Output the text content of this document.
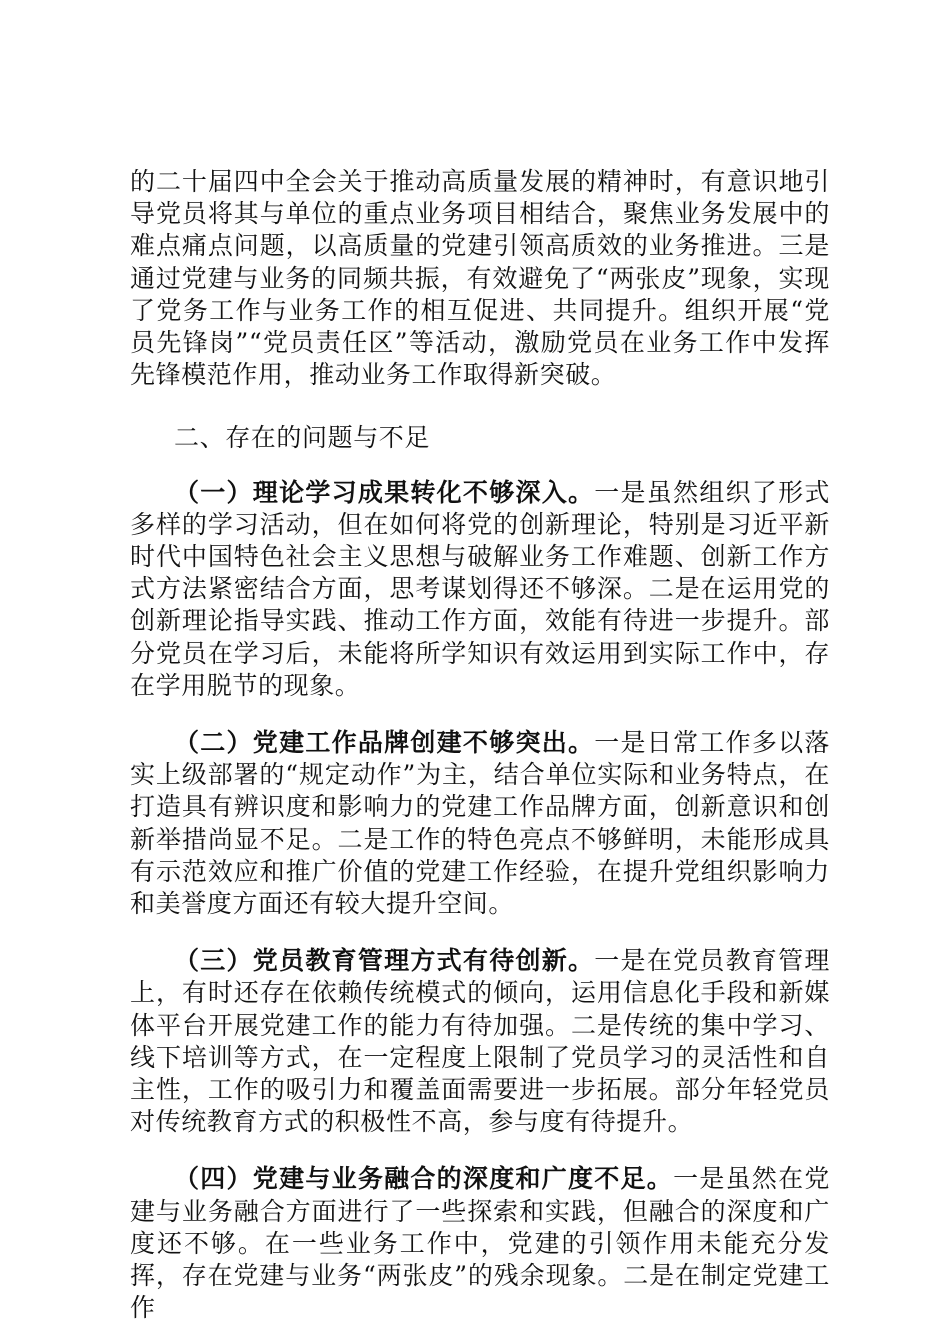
的二十届四中全会关于推动高质量发展的精神时，有意识地引导党员将其与单位的重点业务项目相结合，聚焦业务发展中的难点痛点问题，以高质量的党建引领高质效的业务推进。三是通过党建与业务的同频共振，有效避免了“两张皮”现象，实现了党务工作与业务工作的相互促进、共同提升。组织开展“党员先锋岗”“党员责任区”等活动，激励党员在业务工作中发挥先锋模范作用，推动业务工作取得新突破。

二、存在的问题与不足

（一）理论学习成果转化不够深入。一是虽然组织了形式多样的学习活动，但在如何将党的创新理论，特别是习近平新时代中国特色社会主义思想与破解业务工作难题、创新工作方式方法紧密结合方面，思考谋划得还不够深。二是在运用党的创新理论指导实践、推动工作方面，效能有待进一步提升。部分党员在学习后，未能将所学知识有效运用到实际工作中，存在学用脱节的现象。

（二）党建工作品牌创建不够突出。一是日常工作多以落实上级部署的“规定动作”为主，结合单位实际和业务特点，在打造具有辨识度和影响力的党建工作品牌方面，创新意识和创新举措尚显不足。二是工作的特色亮点不够鲜明，未能形成具有示范效应和推广价值的党建工作经验，在提升党组织影响力和美誉度方面还有较大提升空间。

（三）党员教育管理方式有待创新。一是在党员教育管理上，有时还存在依赖传统模式的倾向，运用信息化手段和新媒体平台开展党建工作的能力有待加强。二是传统的集中学习、线下培训等方式，在一定程度上限制了党员学习的灵活性和自主性，工作的吸引力和覆盖面需要进一步拓展。部分年轻党员对传统教育方式的积极性不高，参与度有待提升。

（四）党建与业务融合的深度和广度不足。一是虽然在党建与业务融合方面进行了一些探索和实践，但融合的深度和广度还不够。在一些业务工作中，党建的引领作用未能充分发挥，存在党建与业务“两张皮”的残余现象。二是在制定党建工作
